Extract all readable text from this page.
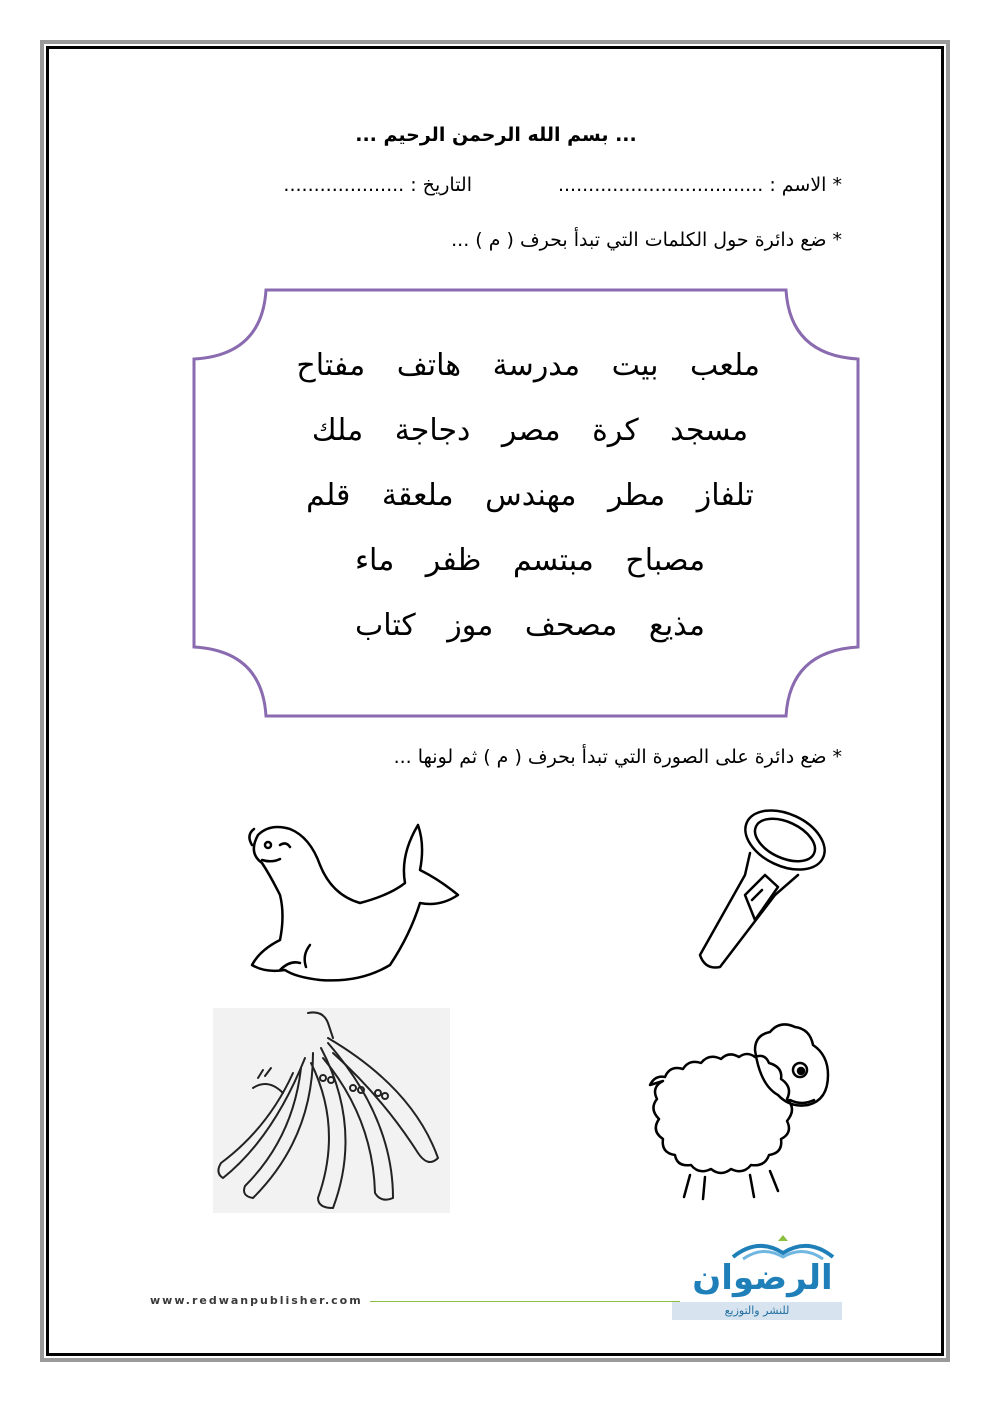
... بسم الله الرحمن الرحيم ...
* الاسم : ..................................
التاريخ : ....................
* ضع دائرة حول الكلمات التي تبدأ بحرف ( م ) ...
ملعب بيت مدرسة هاتف مفتاح
مسجد كرة مصر دجاجة ملك
تلفاز مطر مهندس ملعقة قلم
مصباح مبتسم ظفر ماء
مذيع مصحف موز كتاب
* ضع دائرة على الصورة التي تبدأ بحرف ( م ) ثم لونها ...
www.redwanpublisher.com
الرضوان
للنشر والتوزيع
